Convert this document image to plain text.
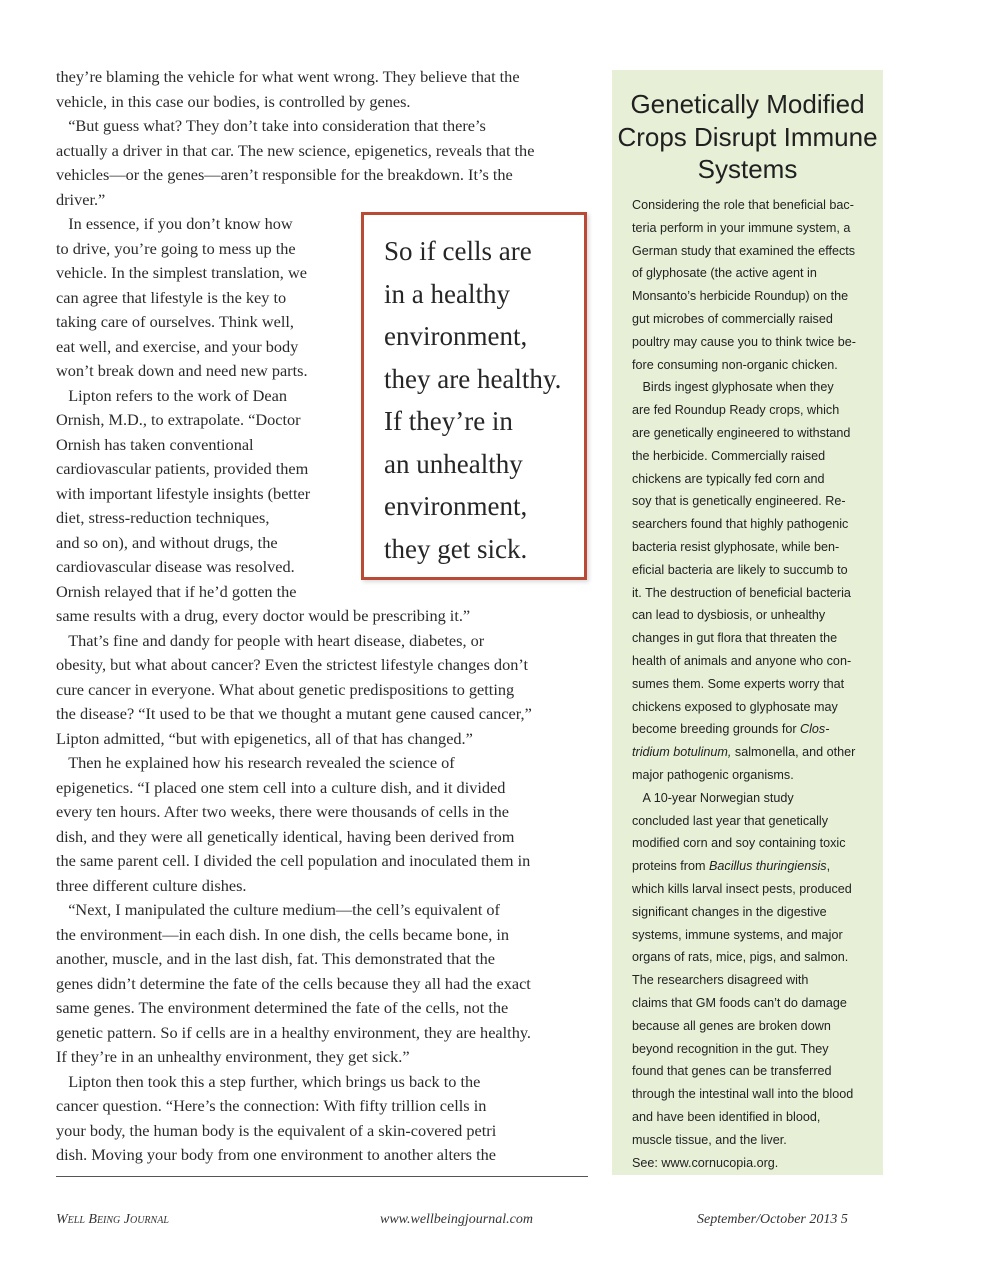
they’re blaming the vehicle for what went wrong. They believe that the
vehicle, in this case our bodies, is controlled by genes.
“But guess what? They don’t take into consideration that there’s
actually a driver in that car. The new science, epigenetics, reveals that the
vehicles—or the genes—aren’t responsible for the breakdown. It’s the
driver.”
In essence, if you don’t know how
to drive, you’re going to mess up the
vehicle. In the simplest translation, we
can agree that lifestyle is the key to
taking care of ourselves. Think well,
eat well, and exercise, and your body
won’t break down and need new parts.
Lipton refers to the work of Dean
Ornish, M.D., to extrapolate. “Doctor
Ornish has taken conventional
cardiovascular patients, provided them
with important lifestyle insights (better
diet, stress-reduction techniques,
and so on), and without drugs, the
cardiovascular disease was resolved.
Ornish relayed that if he’d gotten the
same results with a drug, every doctor would be prescribing it.”
That’s fine and dandy for people with heart disease, diabetes, or
obesity, but what about cancer? Even the strictest lifestyle changes don’t
cure cancer in everyone. What about genetic predispositions to getting
the disease? “It used to be that we thought a mutant gene caused cancer,”
Lipton admitted, “but with epigenetics, all of that has changed.”
Then he explained how his research revealed the science of
epigenetics. “I placed one stem cell into a culture dish, and it divided
every ten hours. After two weeks, there were thousands of cells in the
dish, and they were all genetically identical, having been derived from
the same parent cell. I divided the cell population and inoculated them in
three different culture dishes.
“Next, I manipulated the culture medium—the cell’s equivalent of
the environment—in each dish. In one dish, the cells became bone, in
another, muscle, and in the last dish, fat. This demonstrated that the
genes didn’t determine the fate of the cells because they all had the exact
same genes. The environment determined the fate of the cells, not the
genetic pattern. So if cells are in a healthy environment, they are healthy.
If they’re in an unhealthy environment, they get sick.”
Lipton then took this a step further, which brings us back to the
cancer question. “Here’s the connection: With fifty trillion cells in
your body, the human body is the equivalent of a skin-covered petri
dish. Moving your body from one environment to another alters the
So if cells are
in a healthy
environment,
they are healthy.
If they’re in
an unhealthy
environment,
they get sick.
Genetically Modified Crops Disrupt Immune Systems
Considering the role that beneficial bac-
teria perform in your immune system, a
German study that examined the effects
of glyphosate (the active agent in
Monsanto’s herbicide Roundup) on the
gut microbes of commercially raised
poultry may cause you to think twice be-
fore consuming non-organic chicken.
Birds ingest glyphosate when they
are fed Roundup Ready crops, which
are genetically engineered to withstand
the herbicide. Commercially raised
chickens are typically fed corn and
soy that is genetically engineered. Re-
searchers found that highly pathogenic
bacteria resist glyphosate, while ben-
eficial bacteria are likely to succumb to
it. The destruction of beneficial bacteria
can lead to dysbiosis, or unhealthy
changes in gut flora that threaten the
health of animals and anyone who con-
sumes them. Some experts worry that
chickens exposed to glyphosate may
become breeding grounds for Clos-
tridium botulinum, salmonella, and other
major pathogenic organisms.
A 10-year Norwegian study
concluded last year that genetically
modified corn and soy containing toxic
proteins from Bacillus thuringiensis,
which kills larval insect pests, produced
significant changes in the digestive
systems, immune systems, and major
organs of rats, mice, pigs, and salmon.
The researchers disagreed with
claims that GM foods can’t do damage
because all genes are broken down
beyond recognition in the gut. They
found that genes can be transferred
through the intestinal wall into the blood
and have been identified in blood,
muscle tissue, and the liver.
See: www.cornucopia.org.
Well Being Journal	www.wellbeingjournal.com	September/October 2013 5
